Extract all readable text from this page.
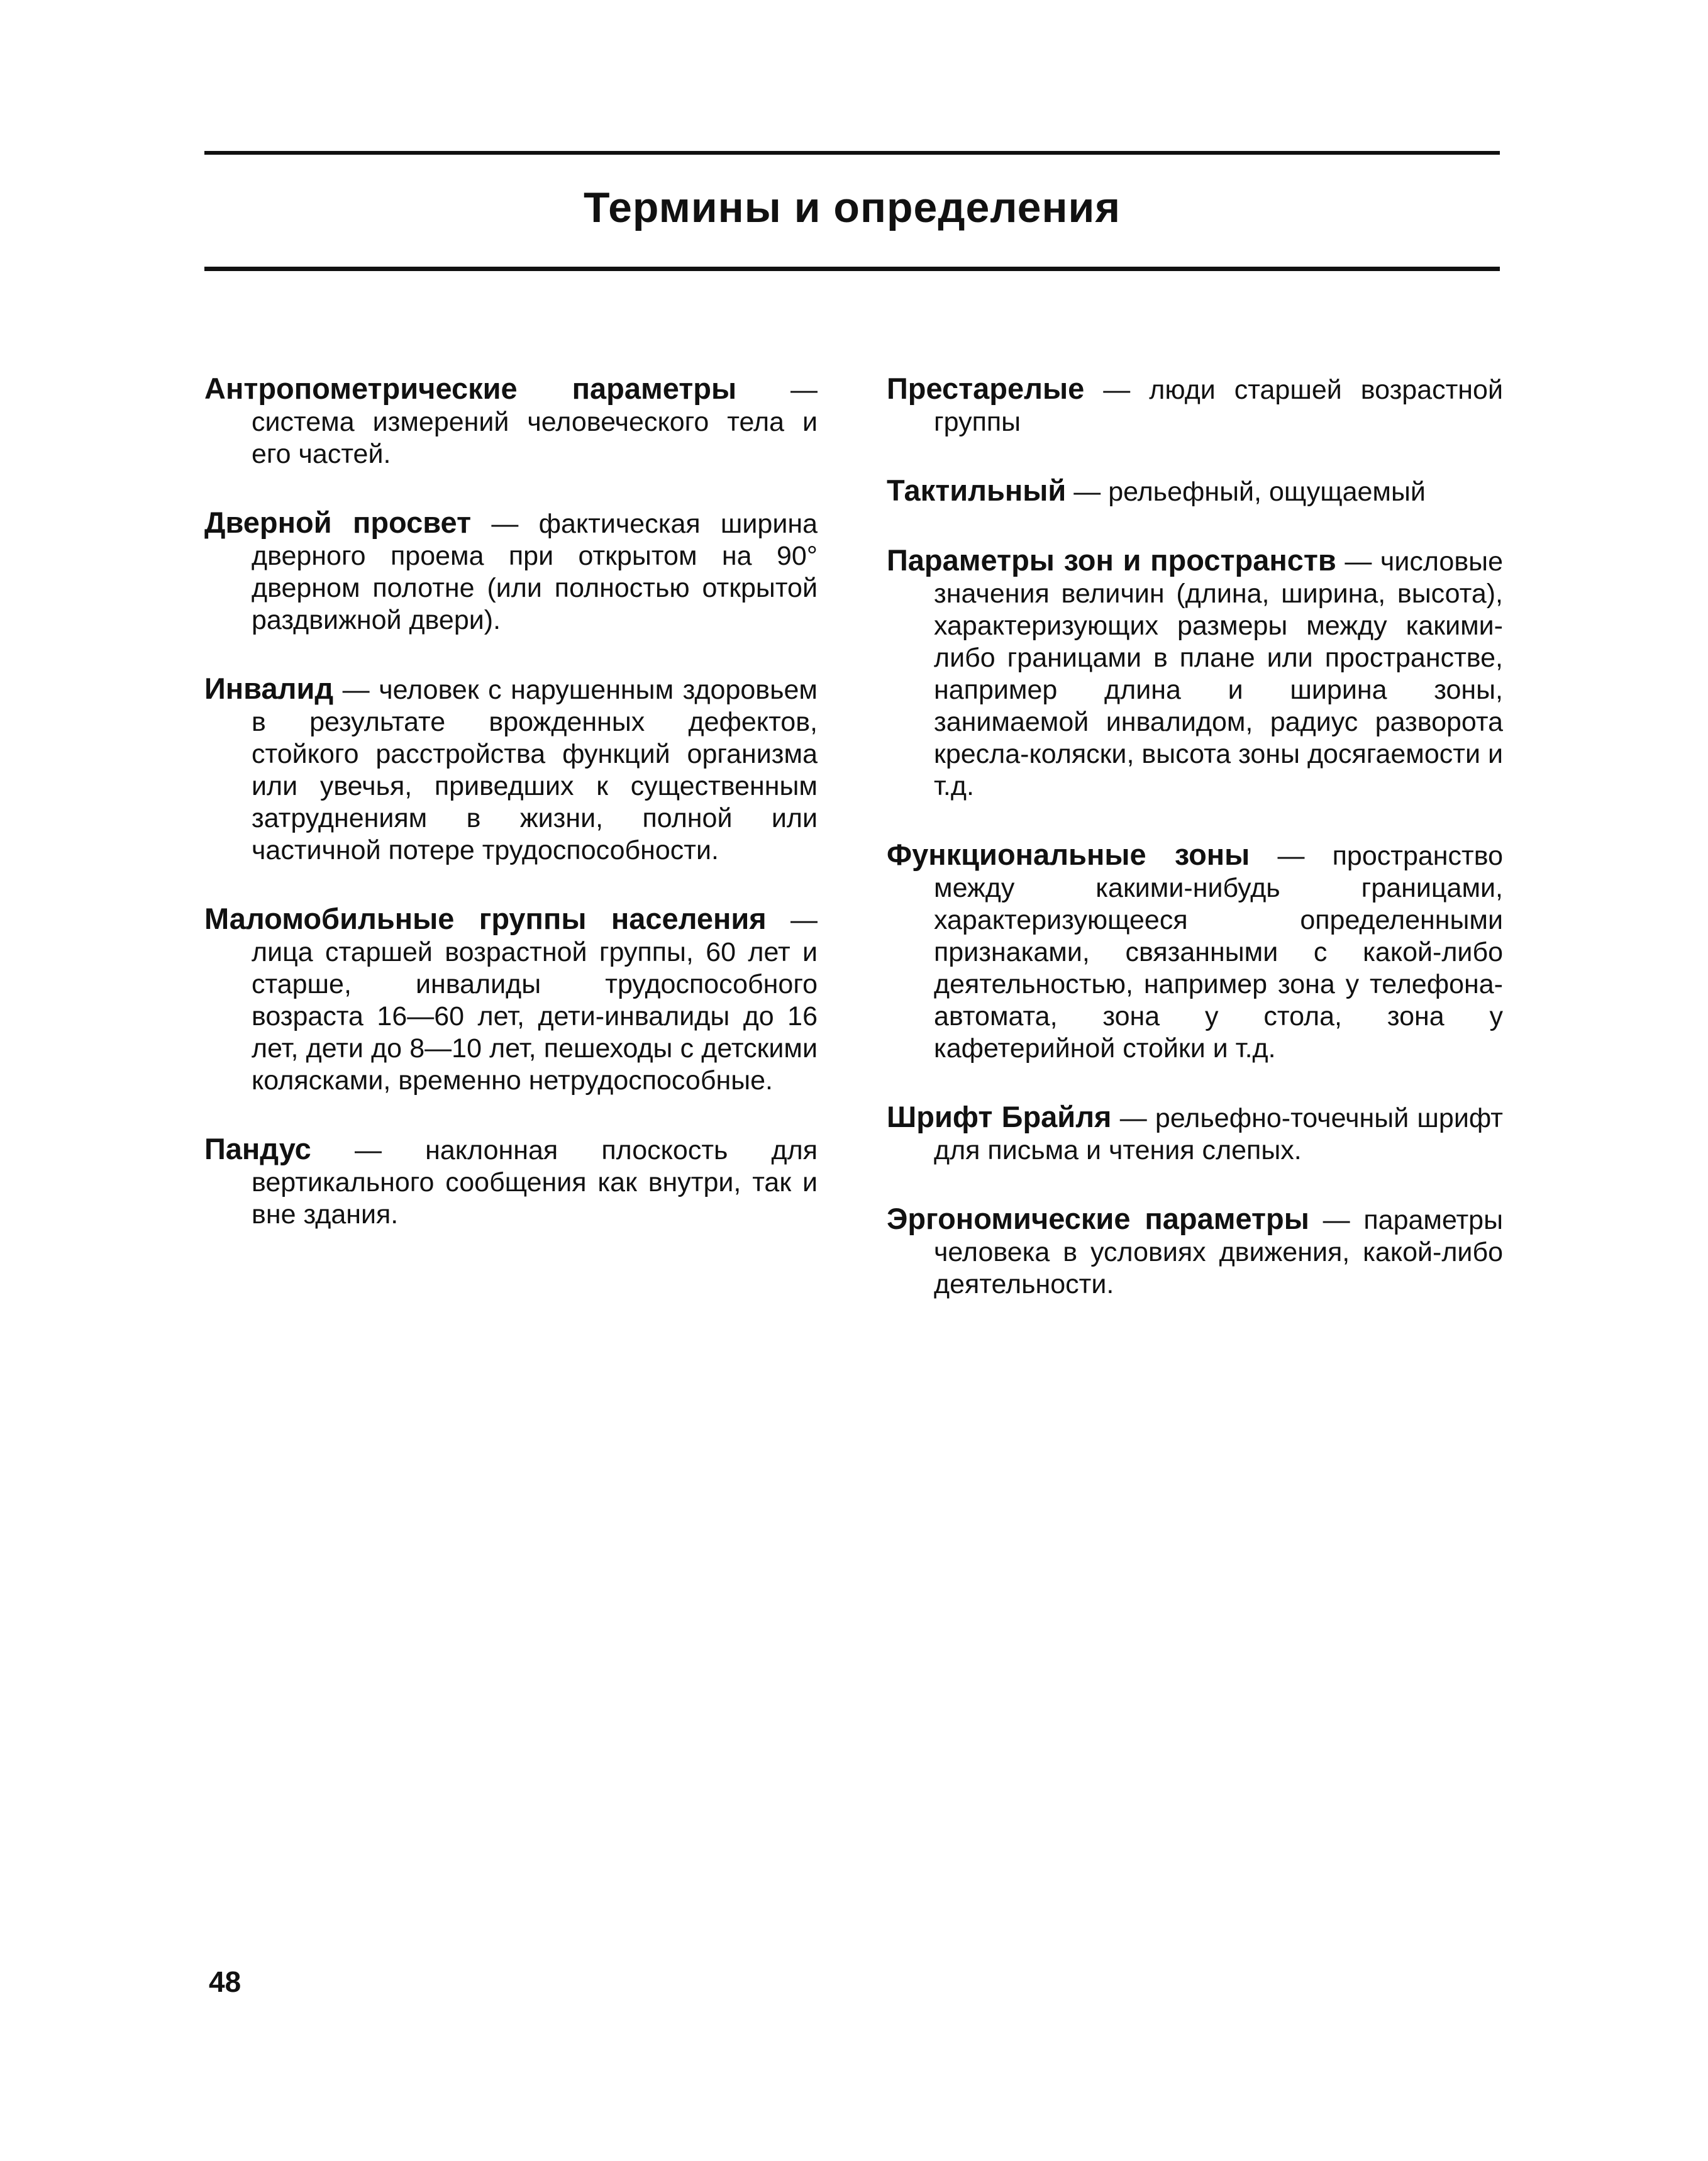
Термины и определения

Антропометрические параметры — система измерений человеческого тела и его частей.

Дверной просвет — фактическая ширина дверного проема при открытом на 90° дверном полотне (или полностью открытой раздвижной двери).

Инвалид — человек с нарушенным здоровьем в результате врожденных дефектов, стойкого расстройства функций организма или увечья, приведших к существенным затруднениям в жизни, полной или частичной потере трудоспособности.

Маломобильные группы населения — лица старшей возрастной группы, 60 лет и старше, инвалиды трудоспособного возраста 16—60 лет, дети-инвалиды до 16 лет, дети до 8—10 лет, пешеходы с детскими колясками, временно нетрудоспособные.

Пандус — наклонная плоскость для вертикального сообщения как внутри, так и вне здания.

Престарелые — люди старшей возрастной группы

Тактильный — рельефный, ощущаемый

Параметры зон и пространств — числовые значения величин (длина, ширина, высота), характеризующих размеры между какими-либо границами в плане или пространстве, например длина и ширина зоны, занимаемой инвалидом, радиус разворота кресла-коляски, высота зоны досягаемости и т.д.

Функциональные зоны — пространство между какими-нибудь границами, характеризующееся определенными признаками, связанными с какой-либо деятельностью, например зона у телефона-автомата, зона у стола, зона у кафетерийной стойки и т.д.

Шрифт Брайля — рельефно-точечный шрифт для письма и чтения слепых.

Эргономические параметры — параметры человека в условиях движения, какой-либо деятельности.

48
